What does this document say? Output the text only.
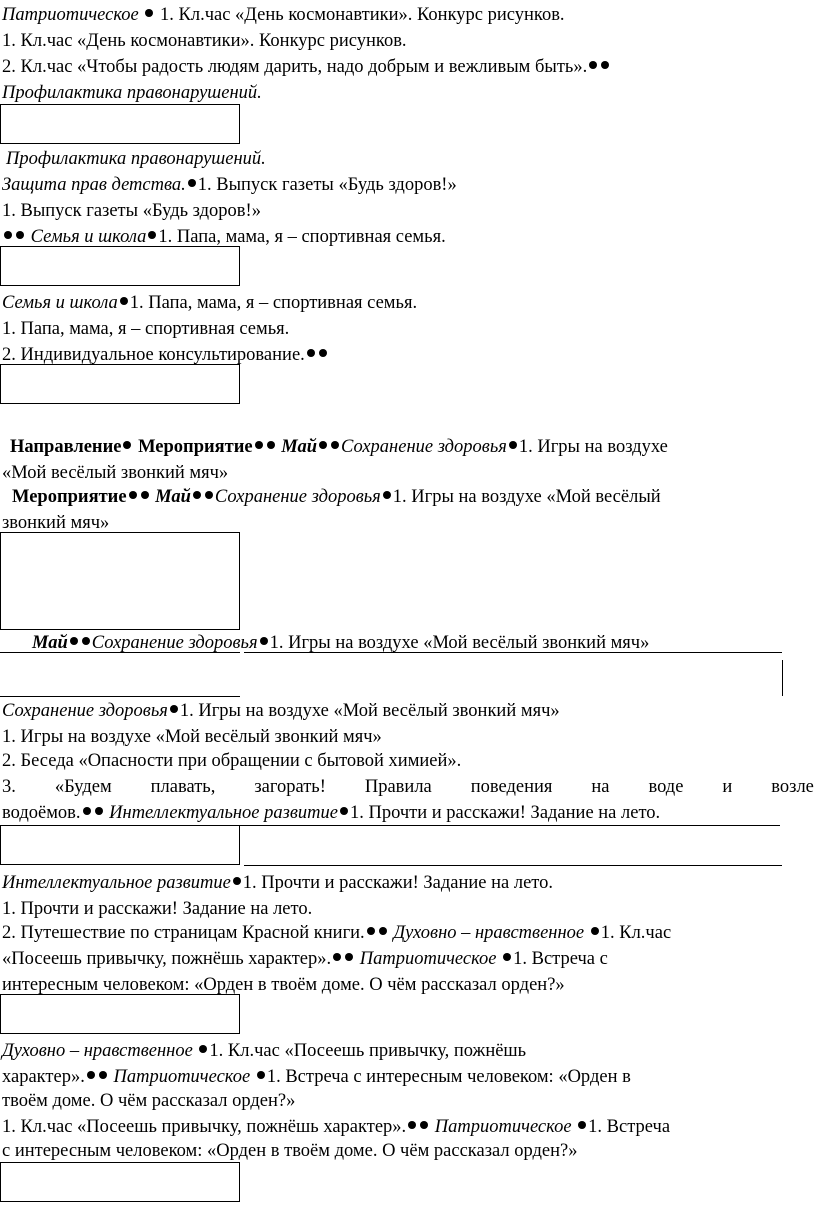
Патриотическое 1. Кл.час «День космонавтики». Конкурс рисунков.
1. Кл.час «День космонавтики». Конкурс рисунков.
2. Кл.час «Чтобы радость людям дарить, надо добрым и вежливым быть».
Профилактика правонарушений.
Профилактика правонарушений.
Защита прав детства. 1. Выпуск газеты «Будь здоров!»
1. Выпуск газеты «Будь здоров!»
Семья и школа 1. Папа, мама, я – спортивная семья.
Семья и школа 1. Папа, мама, я – спортивная семья.
1. Папа, мама, я – спортивная семья.
2. Индивидуальное консультирование.
Направление Мероприятие Май Сохранение здоровья 1. Игры на воздухе
«Мой весёлый звонкий мяч»
Мероприятие Май Сохранение здоровья 1. Игры на воздухе «Мой весёлый
звонкий мяч»
Май Сохранение здоровья 1. Игры на воздухе «Мой весёлый звонкий мяч»
Сохранение здоровья 1. Игры на воздухе «Мой весёлый звонкий мяч»
1. Игры на воздухе «Мой весёлый звонкий мяч»
2. Беседа «Опасности при обращении с бытовой химией».
3. «Будем плавать, загорать! Правила поведения на воде и возле
водоёмов. Интеллектуальное развитие 1. Прочти и расскажи! Задание на лето.
Интеллектуальное развитие 1. Прочти и расскажи! Задание на лето.
1. Прочти и расскажи! Задание на лето.
2. Путешествие по страницам Красной книги. Духовно – нравственное 1. Кл.час
«Посеешь привычку, пожнёшь характер». Патриотическое 1. Встреча с
интересным человеком: «Орден в твоём доме. О чём рассказал орден?»
Духовно – нравственное 1. Кл.час «Посеешь привычку, пожнёшь
характер». Патриотическое 1. Встреча с интересным человеком: «Орден в
твоём доме. О чём рассказал орден?»
1. Кл.час «Посеешь привычку, пожнёшь характер». Патриотическое 1. Встреча
с интересным человеком: «Орден в твоём доме. О чём рассказал орден?»
